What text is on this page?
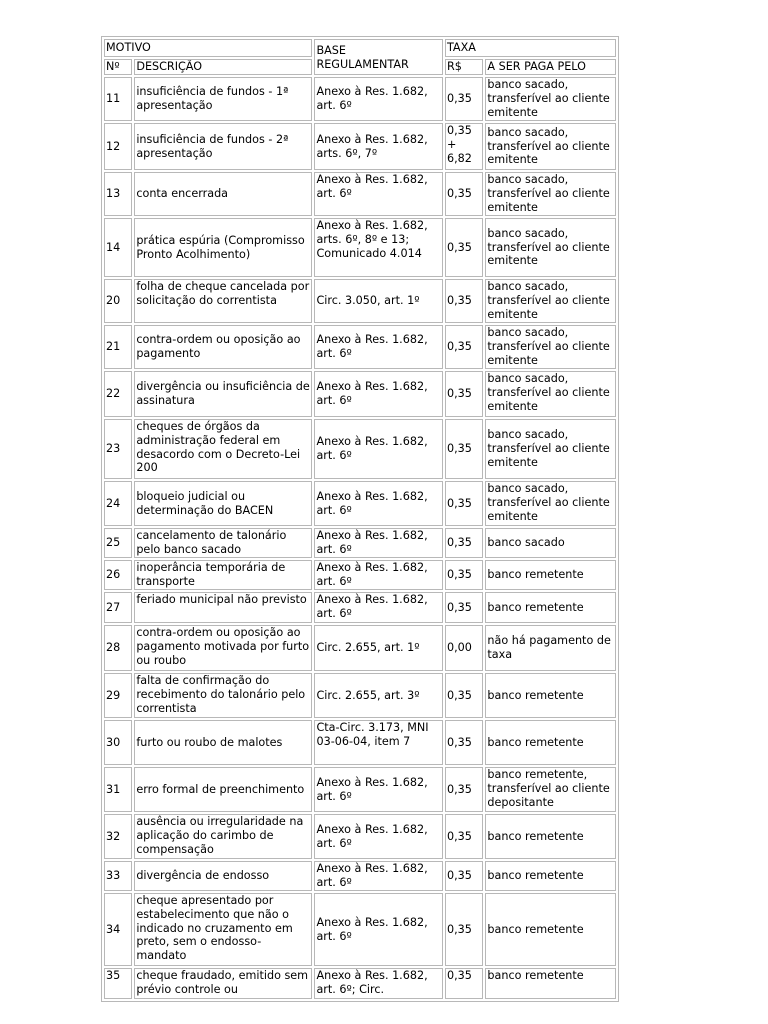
MOTIVO		BASE REGULAMENTAR	TAXA	
Nº	DESCRIÇÃO		R$	A SER PAGA PELO
11	insuficiência de fundos - 1ª apresentação	Anexo à Res. 1.682, art. 6º	0,35	banco sacado, transferível ao cliente emitente
12	insuficiência de fundos - 2ª apresentação	Anexo à Res. 1.682, arts. 6º, 7º	0,35 + 6,82	banco sacado, transferível ao cliente emitente
13	conta encerrada	Anexo à Res. 1.682, art. 6º	0,35	banco sacado, transferível ao cliente emitente
14	prática espúria (Compromisso Pronto Acolhimento)	Anexo à Res. 1.682, arts. 6º, 8º e 13; Comunicado 4.014	0,35	banco sacado, transferível ao cliente emitente
20	folha de cheque cancelada por solicitação do correntista	Circ. 3.050, art. 1º	0,35	banco sacado, transferível ao cliente emitente
21	contra-ordem ou oposição ao pagamento	Anexo à Res. 1.682, art. 6º	0,35	banco sacado, transferível ao cliente emitente
22	divergência ou insuficiência de assinatura	Anexo à Res. 1.682, art. 6º	0,35	banco sacado, transferível ao cliente emitente
23	cheques de órgãos da administração federal em desacordo com o Decreto-Lei 200	Anexo à Res. 1.682, art. 6º	0,35	banco sacado, transferível ao cliente emitente
24	bloqueio judicial ou determinação do BACEN	Anexo à Res. 1.682, art. 6º	0,35	banco sacado, transferível ao cliente emitente
25	cancelamento de talonário pelo banco sacado	Anexo à Res. 1.682, art. 6º	0,35	banco sacado
26	inoperância temporária de transporte	Anexo à Res. 1.682, art. 6º	0,35	banco remetente
27	feriado municipal não previsto	Anexo à Res. 1.682, art. 6º	0,35	banco remetente
28	contra-ordem ou oposição ao pagamento motivada por furto ou roubo	Circ. 2.655, art. 1º	0,00	não há pagamento de taxa
29	falta de confirmação do recebimento do talonário pelo correntista	Circ. 2.655, art. 3º	0,35	banco remetente
30	furto ou roubo de malotes	Cta-Circ. 3.173, MNI 03-06-04, item 7	0,35	banco remetente
31	erro formal de preenchimento	Anexo à Res. 1.682, art. 6º	0,35	banco remetente, transferível ao cliente depositante
32	ausência ou irregularidade na aplicação do carimbo de compensação	Anexo à Res. 1.682, art. 6º	0,35	banco remetente
33	divergência de endosso	Anexo à Res. 1.682, art. 6º	0,35	banco remetente
34	cheque apresentado por estabelecimento que não o indicado no cruzamento em preto, sem o endosso-mandato	Anexo à Res. 1.682, art. 6º	0,35	banco remetente
35	cheque fraudado, emitido sem prévio controle ou	Anexo à Res. 1.682, art. 6º; Circ.	0,35	banco remetente
